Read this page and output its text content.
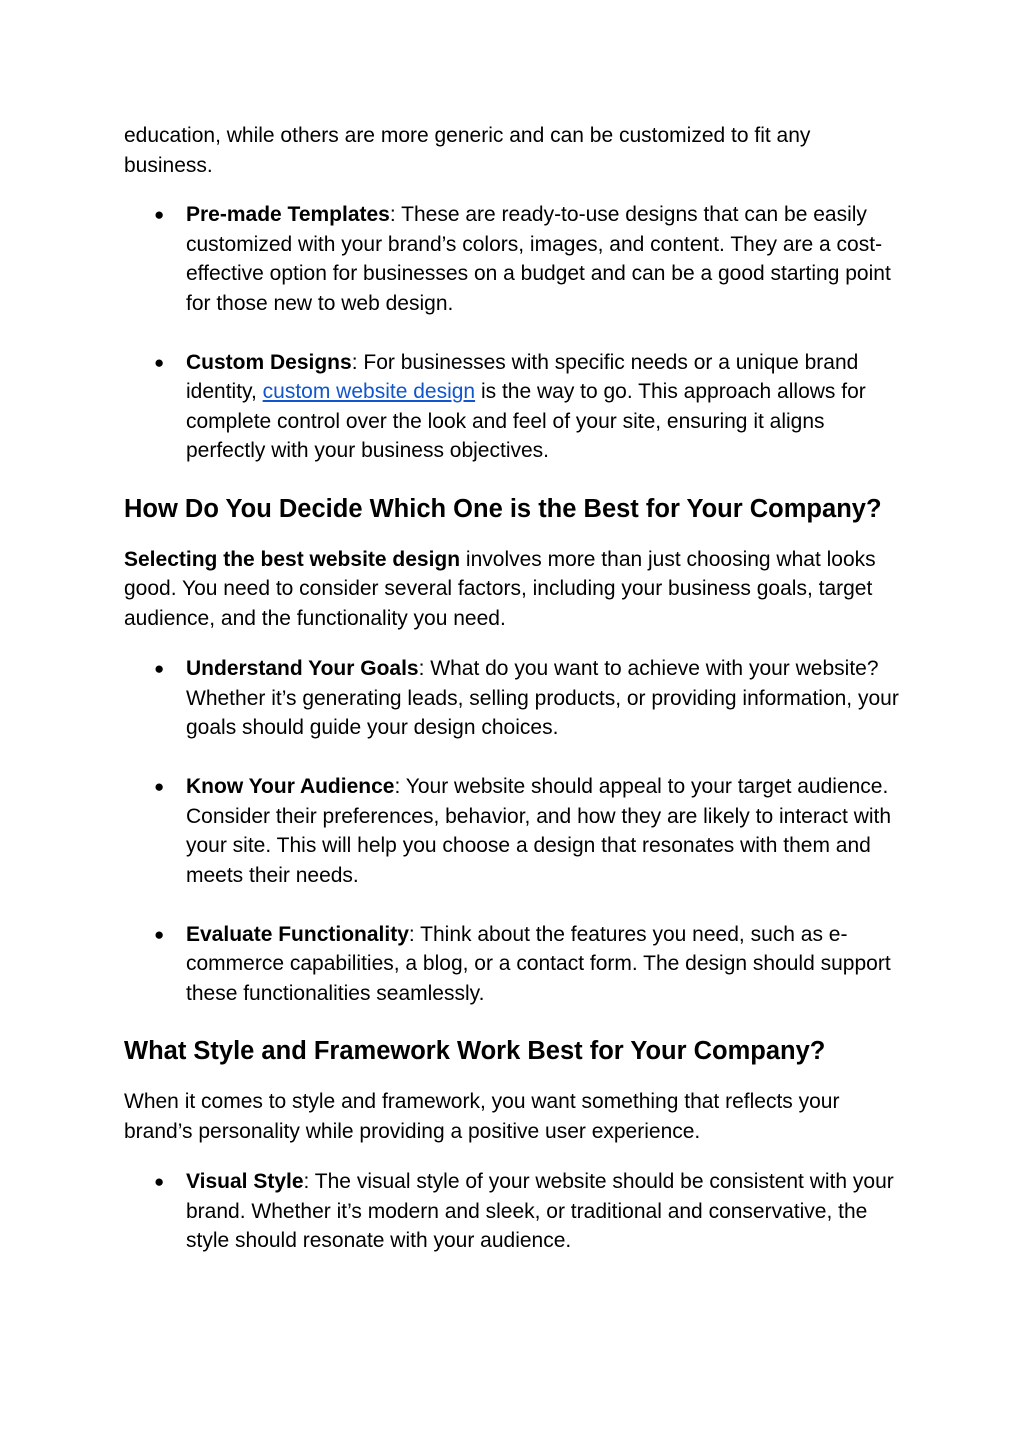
education, while others are more generic and can be customized to fit any business.

● Pre-made Templates: These are ready-to-use designs that can be easily customized with your brand’s colors, images, and content. They are a cost-effective option for businesses on a budget and can be a good starting point for those new to web design.
● Custom Designs: For businesses with specific needs or a unique brand identity, custom website design is the way to go. This approach allows for complete control over the look and feel of your site, ensuring it aligns perfectly with your business objectives.
How Do You Decide Which One is the Best for Your Company?

Selecting the best website design involves more than just choosing what looks good. You need to consider several factors, including your business goals, target audience, and the functionality you need.

● Understand Your Goals: What do you want to achieve with your website? Whether it’s generating leads, selling products, or providing information, your goals should guide your design choices.
● Know Your Audience: Your website should appeal to your target audience. Consider their preferences, behavior, and how they are likely to interact with your site. This will help you choose a design that resonates with them and meets their needs.
● Evaluate Functionality: Think about the features you need, such as e-commerce capabilities, a blog, or a contact form. The design should support these functionalities seamlessly.
What Style and Framework Work Best for Your Company?

When it comes to style and framework, you want something that reflects your brand’s personality while providing a positive user experience.

● Visual Style: The visual style of your website should be consistent with your brand. Whether it’s modern and sleek, or traditional and conservative, the style should resonate with your audience.
